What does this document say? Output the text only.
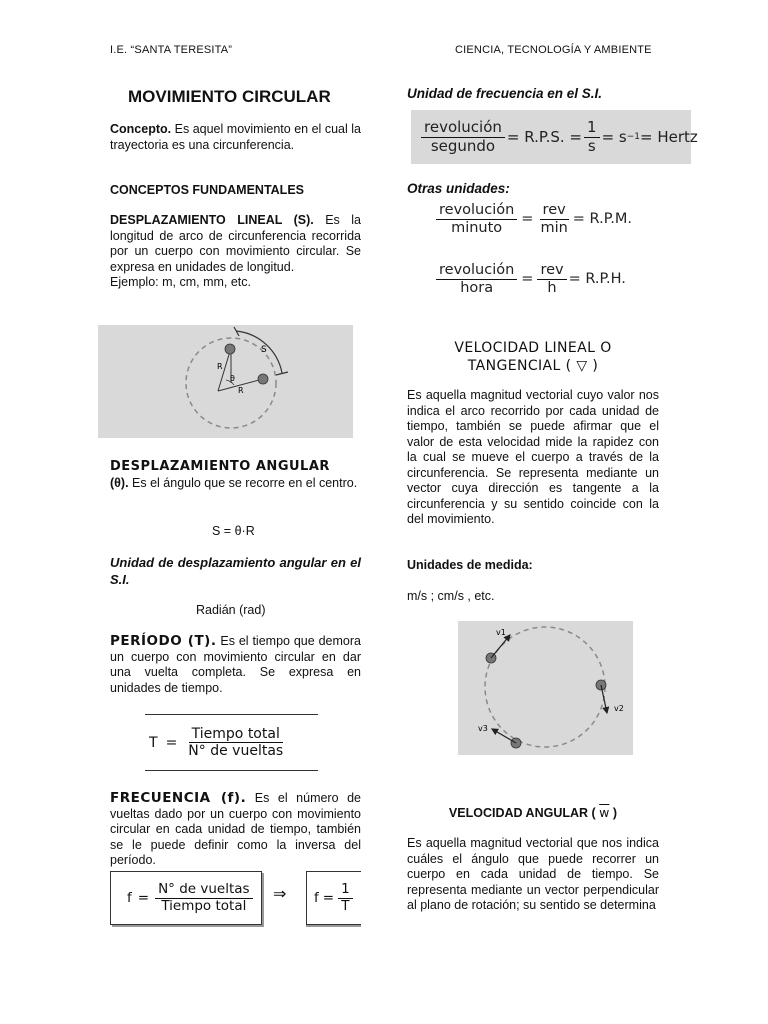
I.E. “SANTA TERESITA”	CIENCIA, TECNOLOGÍA Y AMBIENTE
MOVIMIENTO CIRCULAR
Concepto. Es aquel movimiento en el cual la trayectoria es una circunferencia.
CONCEPTOS FUNDAMENTALES
DESPLAZAMIENTO LINEAL (S). Es la longitud de arco de circunferencia recorrida por un cuerpo con movimiento circular. Se expresa en unidades de longitud.
Ejemplo: m, cm, mm, etc.
S
R
R
θ
DESPLAZAMIENTO ANGULAR
(θ). Es el ángulo que se recorre en el centro.
S = θ·R
Unidad de desplazamiento angular en el S.I.
Radián (rad)
PERÍODO (T). Es el tiempo que demora un cuerpo con movimiento circular en dar una vuelta completa. Se expresa en unidades de tiempo.
$T = \frac{\text{Tiempo total}}{\text{N° de vueltas}}$
FRECUENCIA (f). Es el número de vueltas dado por un cuerpo con movimiento circular en cada unidad de tiempo, también se le puede definir como la inversa del período.
$f = \frac{\text{N° de vueltas}}{\text{Tiempo total}}$ ⇒ $f = \frac{1}{T}$
Unidad de frecuencia en el S.I.
$\frac{\text{revolución}}{\text{segundo}} = R.P.S$. = $\frac{1}{s} = s -1$ = Hertz
Otras unidades:
$\frac{\text{revolución}}{\text{minuto}} = \frac{\text{rev}}{\min} = R.P.M$.
$\frac{\text{revolución}}{\text{hora}} = \frac{\text{rev}}{h} = R.P.H$.
VELOCIDAD LINEAL O
TANGENCIAL ( ▽ )
Es aquella magnitud vectorial cuyo valor nos indica el arco recorrido por cada unidad de tiempo, también se puede afirmar que el valor de esta velocidad mide la rapidez con la cual se mueve el cuerpo a través de la circunferencia. Se representa mediante un vector cuya dirección es tangente a la circunferencia y su sentido coincide con la del movimiento.
Unidades de medida:
m/s ; cm/s , etc.
v1
v2
v3
VELOCIDAD ANGULAR ( $\overline{w}$ )
Es aquella magnitud vectorial que nos indica cuáles el ángulo que puede recorrer un cuerpo en cada unidad de tiempo. Se representa mediante un vector perpendicular al plano de rotación; su sentido se determina
